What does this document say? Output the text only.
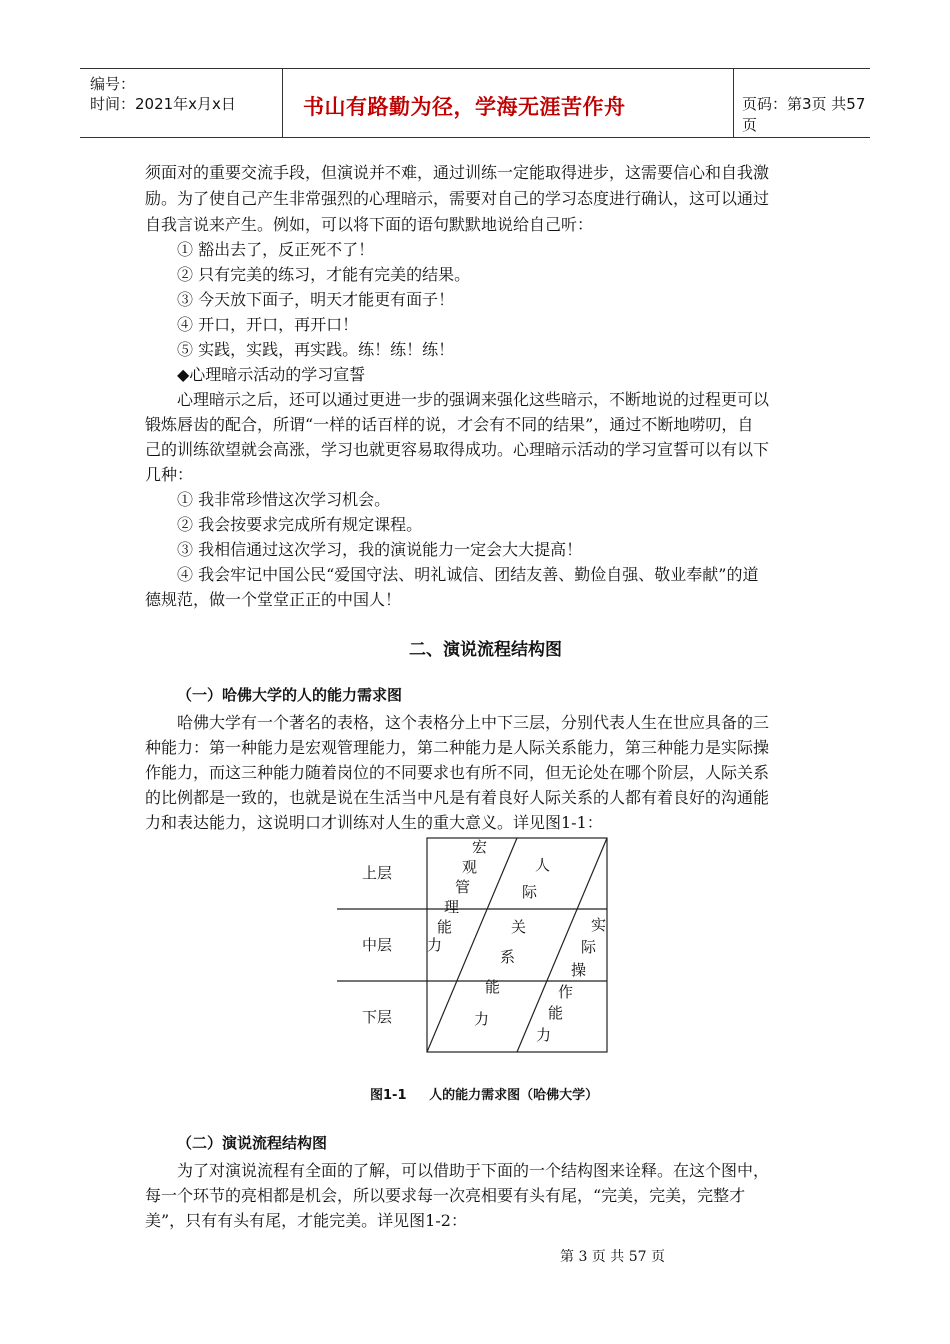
编号：
时间：2021年x月x日	书山有路勤为径，学海无涯苦作舟	页码：第3页 共57页
须面对的重要交流手段，但演说并不难，通过训练一定能取得进步，这需要信心和自我激
励。为了使自己产生非常强烈的心理暗示，需要对自己的学习态度进行确认，这可以通过
自我言说来产生。例如，可以将下面的语句默默地说给自己听：
① 豁出去了，反正死不了！
② 只有完美的练习，才能有完美的结果。
③ 今天放下面子，明天才能更有面子！
④ 开口，开口，再开口！
⑤ 实践，实践，再实践。练！练！练！
◆心理暗示活动的学习宣誓
心理暗示之后，还可以通过更进一步的强调来强化这些暗示，不断地说的过程更可以
锻炼唇齿的配合，所谓“一样的话百样的说，才会有不同的结果”，通过不断地唠叨，自
己的训练欲望就会高涨，学习也就更容易取得成功。心理暗示活动的学习宣誓可以有以下
几种：
① 我非常珍惜这次学习机会。
② 我会按要求完成所有规定课程。
③ 我相信通过这次学习，我的演说能力一定会大大提高！
④ 我会牢记中国公民“爱国守法、明礼诚信、团结友善、勤俭自强、敬业奉献”的道
德规范，做一个堂堂正正的中国人！
二、演说流程结构图
（一）哈佛大学的人的能力需求图
哈佛大学有一个著名的表格，这个表格分上中下三层，分别代表人生在世应具备的三
种能力：第一种能力是宏观管理能力，第二种能力是人际关系能力，第三种能力是实际操
作能力，而这三种能力随着岗位的不同要求也有所不同，但无论处在哪个阶层，人际关系
的比例都是一致的，也就是说在生活当中凡是有着良好人际关系的人都有着良好的沟通能
力和表达能力，这说明口才训练对人生的重大意义。详见图1-1：
上层
中层
下层
宏
观
管
理
能
力
人
际
关
系
能
力
实
际
操
作
能
力
图1-1     人的能力需求图（哈佛大学）
（二）演说流程结构图
为了对演说流程有全面的了解，可以借助于下面的一个结构图来诠释。在这个图中，
每一个环节的亮相都是机会，所以要求每一次亮相要有头有尾，“完美，完美，完整才
美”，只有有头有尾，才能完美。详见图1-2：
第 3 页 共 57 页
